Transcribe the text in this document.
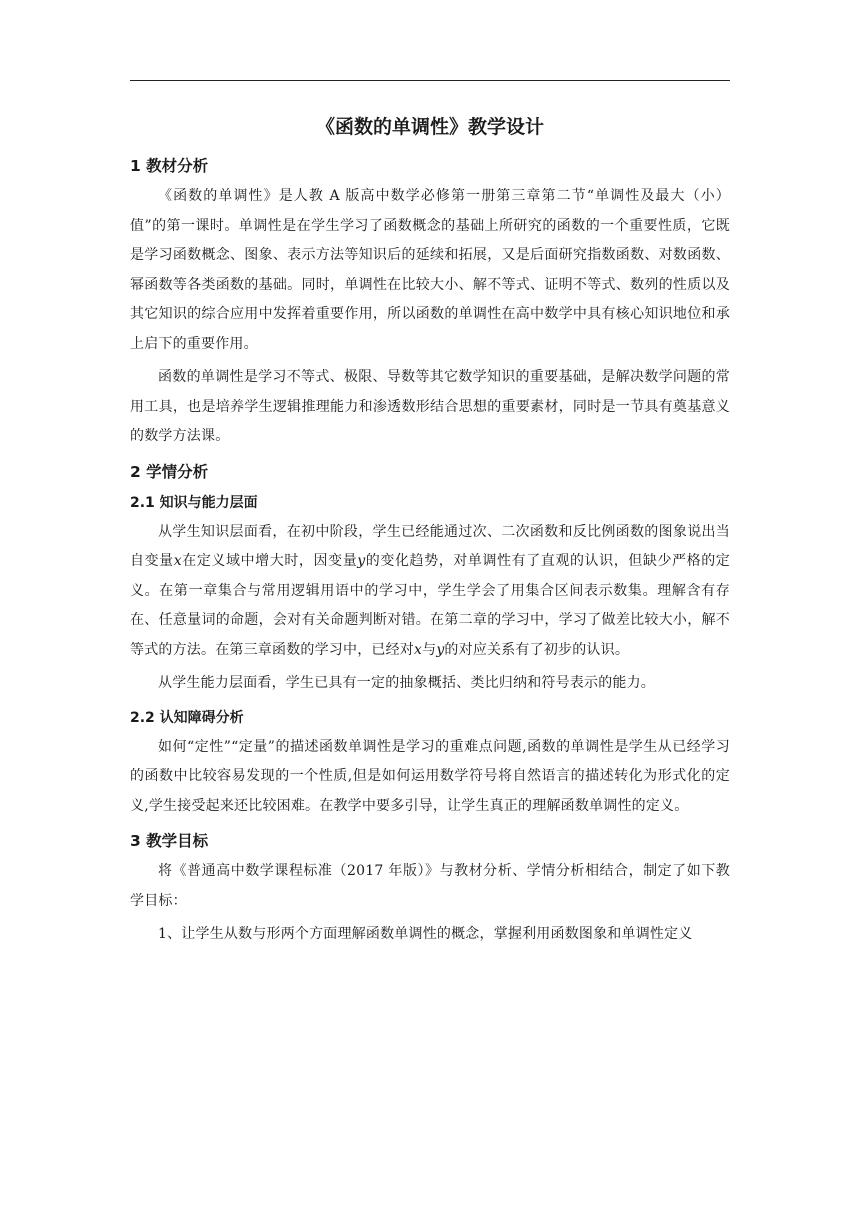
《函数的单调性》教学设计
1 教材分析

《函数的单调性》是人教 A 版高中数学必修第一册第三章第二节“单调性及最大（小）值”的第一课时。单调性是在学生学习了函数概念的基础上所研究的函数的一个重要性质，它既是学习函数概念、图象、表示方法等知识后的延续和拓展，又是后面研究指数函数、对数函数、幂函数等各类函数的基础。同时，单调性在比较大小、解不等式、证明不等式、数列的性质以及其它知识的综合应用中发挥着重要作用，所以函数的单调性在高中数学中具有核心知识地位和承上启下的重要作用。

函数的单调性是学习不等式、极限、导数等其它数学知识的重要基础，是解决数学问题的常用工具，也是培养学生逻辑推理能力和渗透数形结合思想的重要素材，同时是一节具有奠基意义的数学方法课。

2 学情分析
2.1 知识与能力层面

从学生知识层面看，在初中阶段，学生已经能通过次、二次函数和反比例函数的图象说出当自变量x在定义域中增大时，因变量y的变化趋势，对单调性有了直观的认识，但缺少严格的定义。在第一章集合与常用逻辑用语中的学习中，学生学会了用集合区间表示数集。理解含有存在、任意量词的命题，会对有关命题判断对错。在第二章的学习中，学习了做差比较大小，解不等式的方法。在第三章函数的学习中，已经对x与y的对应关系有了初步的认识。

从学生能力层面看，学生已具有一定的抽象概括、类比归纳和符号表示的能力。

2.2 认知障碍分析

如何“定性”“定量”的描述函数单调性是学习的重难点问题,函数的单调性是学生从已经学习的函数中比较容易发现的一个性质,但是如何运用数学符号将自然语言的描述转化为形式化的定义,学生接受起来还比较困难。在教学中要多引导，让学生真正的理解函数单调性的定义。

3 教学目标

将《普通高中数学课程标准（2017 年版）》与教材分析、学情分析相结合，制定了如下教学目标：

1、让学生从数与形两个方面理解函数单调性的概念，掌握利用函数图象和单调性定义
